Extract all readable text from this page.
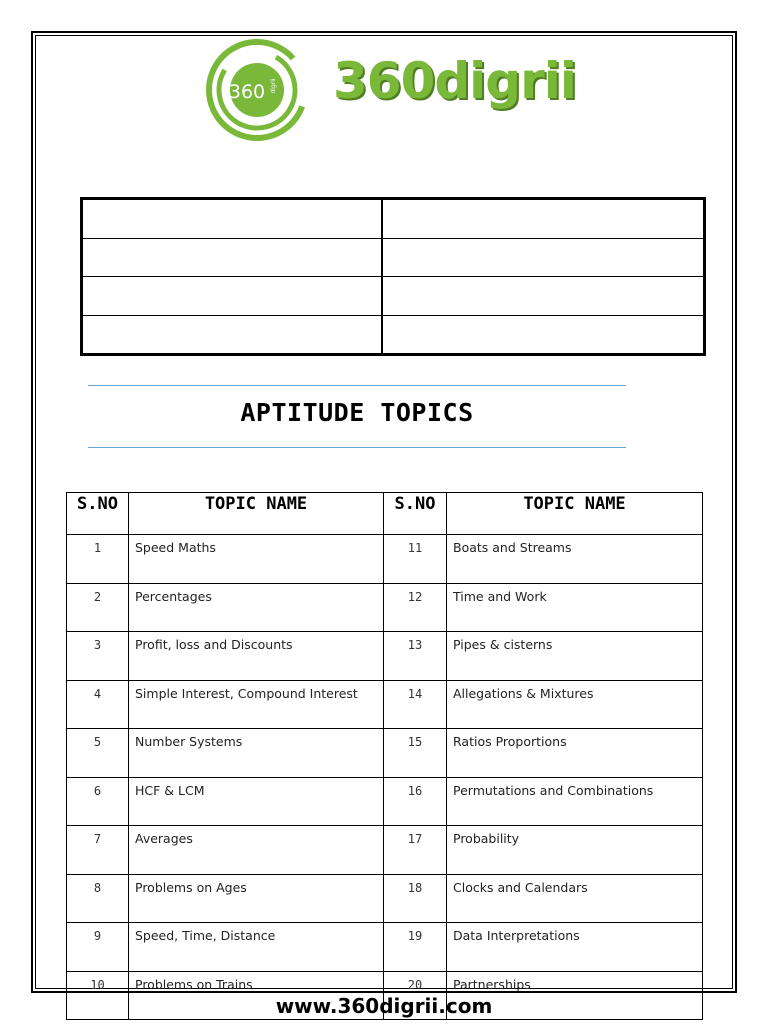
360 digrii 360digrii

APTITUDE TOPICS
S.NO	TOPIC NAME	S.NO	TOPIC NAME
1	Speed Maths	11	Boats and Streams
2	Percentages	12	Time and Work
3	Profit, loss and Discounts	13	Pipes & cisterns
4	Simple Interest, Compound Interest	14	Allegations & Mixtures
5	Number Systems	15	Ratios Proportions
6	HCF & LCM	16	Permutations and Combinations
7	Averages	17	Probability
8	Problems on Ages	18	Clocks and Calendars
9	Speed, Time, Distance	19	Data Interpretations
10	Problems on Trains	20	Partnerships
www.360digrii.com
